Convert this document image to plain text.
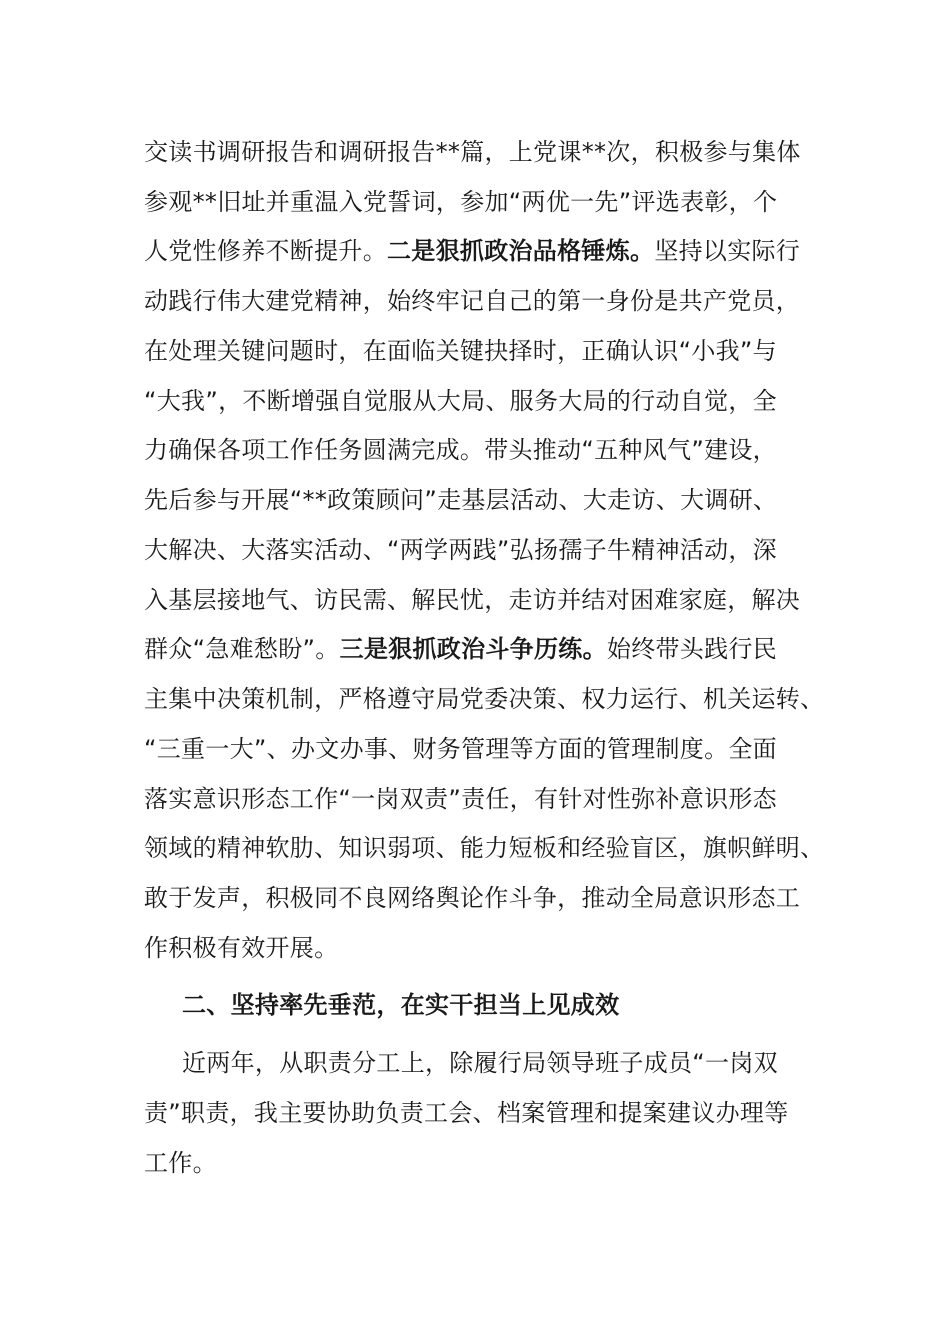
交读书调研报告和调研报告**篇，上党课**次，积极参与集体
参观**旧址并重温入党誓词，参加“两优一先”评选表彰，个
人党性修养不断提升。二是狠抓政治品格锤炼。坚持以实际行
动践行伟大建党精神，始终牢记自己的第一身份是共产党员，
在处理关键问题时，在面临关键抉择时，正确认识“小我”与
“大我”，不断增强自觉服从大局、服务大局的行动自觉，全
力确保各项工作任务圆满完成。带头推动“五种风气”建设，
先后参与开展“**政策顾问”走基层活动、大走访、大调研、
大解决、大落实活动、“两学两践”弘扬孺子牛精神活动，深
入基层接地气、访民需、解民忧，走访并结对困难家庭，解决
群众“急难愁盼”。三是狠抓政治斗争历练。始终带头践行民
主集中决策机制，严格遵守局党委决策、权力运行、机关运转、
“三重一大”、办文办事、财务管理等方面的管理制度。全面
落实意识形态工作“一岗双责”责任，有针对性弥补意识形态
领域的精神软肋、知识弱项、能力短板和经验盲区，旗帜鲜明、
敢于发声，积极同不良网络舆论作斗争，推动全局意识形态工
作积极有效开展。
二、坚持率先垂范，在实干担当上见成效
近两年，从职责分工上，除履行局领导班子成员“一岗双
责”职责，我主要协助负责工会、档案管理和提案建议办理等
工作。
